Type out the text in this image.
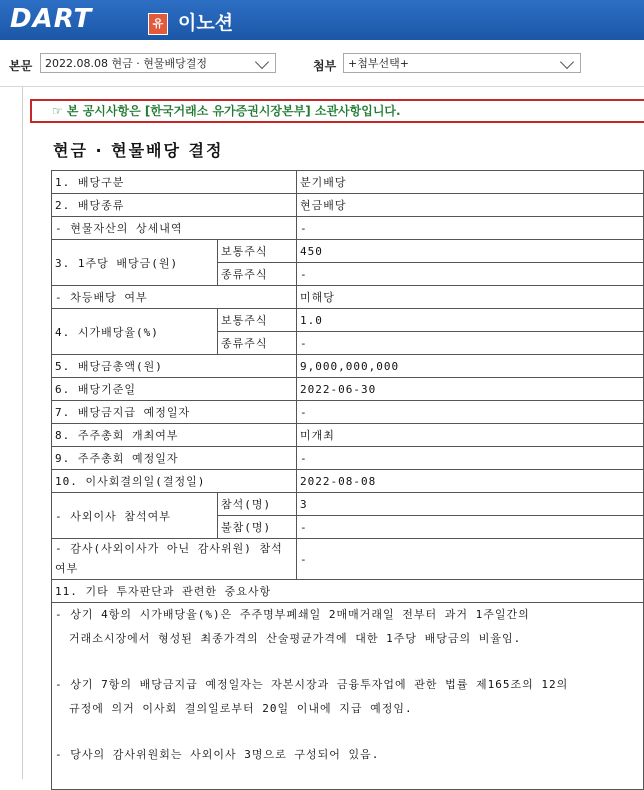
DART	유 이노션
본문	2022.08.08 현금 · 현물배당결정	첨부	+첨부선택+
☞ 본 공시사항은 [한국거래소 유가증권시장본부] 소관사항입니다.
현금 · 현물배당 결정
1. 배당구분		분기배당
2. 배당종류		현금배당
- 현물자산의 상세내역		-
3. 1주당 배당금(원)	보통주식	450
	종류주식	-
- 차등배당 여부		미해당
4. 시가배당율(%)	보통주식	1.0
	종류주식	-
5. 배당금총액(원)		9,000,000,000
6. 배당기준일		2022-06-30
7. 배당금지급 예정일자		-
8. 주주총회 개최여부		미개최
9. 주주총회 예정일자		-
10. 이사회결의일(결정일)		2022-08-08
- 사외이사 참석여부	참석(명)	3
	불참(명)	-
- 감사(사외이사가 아닌 감사위원) 참석여부		-
11. 기타 투자판단과 관련한 중요사항		

- 상기 4항의 시가배당율(%)은 주주명부폐쇄일 2매매거래일 전부터 과거 1주일간의

거래소시장에서 형성된 최종가격의 산술평균가격에 대한 1주당 배당금의 비율임.

- 상기 7항의 배당금지급 예정일자는 자본시장과 금융투자업에 관한 법률 제165조의 12의

규정에 의거 이사회 결의일로부터 20일 이내에 지급 예정임.

- 당사의 감사위원회는 사외이사 3명으로 구성되어 있음.		
